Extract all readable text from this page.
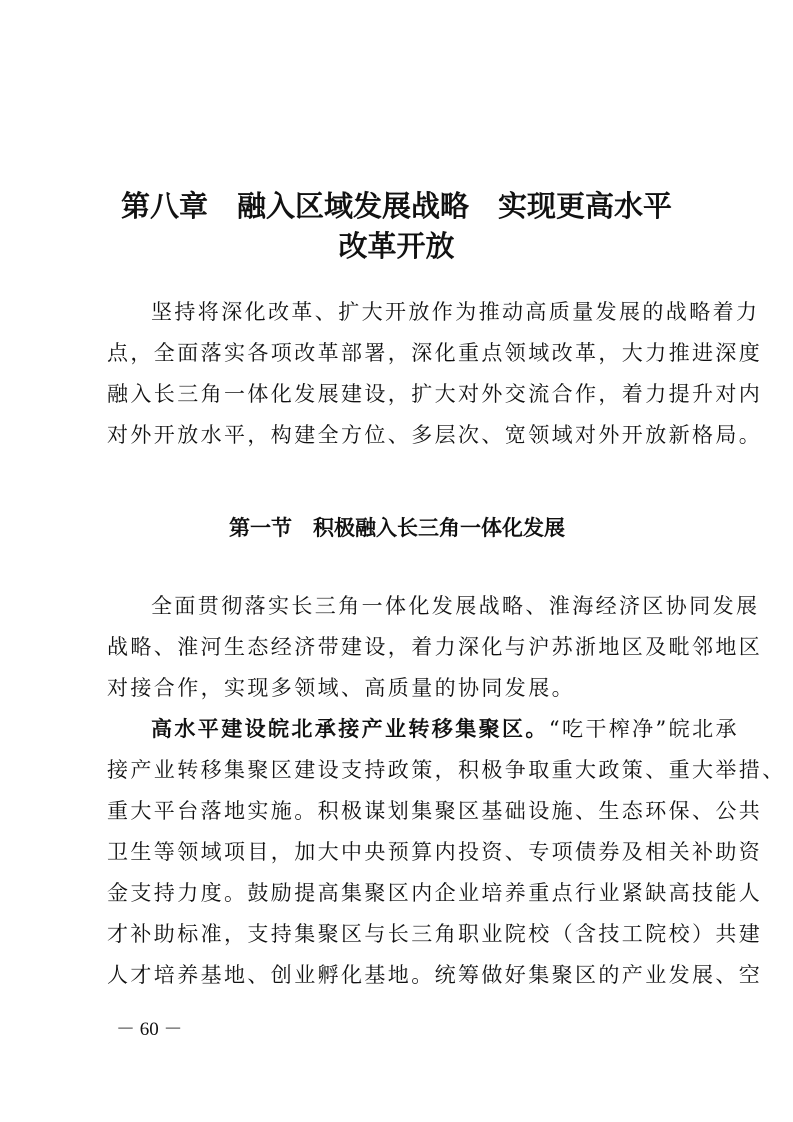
第八章　融入区域发展战略　实现更高水平
改革开放

坚持将深化改革、扩大开放作为推动高质量发展的战略着力
点，全面落实各项改革部署，深化重点领域改革，大力推进深度
融入长三角一体化发展建设，扩大对外交流合作，着力提升对内
对外开放水平，构建全方位、多层次、宽领域对外开放新格局。

第一节　积极融入长三角一体化发展

全面贯彻落实长三角一体化发展战略、淮海经济区协同发展
战略、淮河生态经济带建设，着力深化与沪苏浙地区及毗邻地区
对接合作，实现多领域、高质量的协同发展。

高水平建设皖北承接产业转移集聚区。“吃干榨净”皖北承
接产业转移集聚区建设支持政策，积极争取重大政策、重大举措、
重大平台落地实施。积极谋划集聚区基础设施、生态环保、公共
卫生等领域项目，加大中央预算内投资、专项债券及相关补助资
金支持力度。鼓励提高集聚区内企业培养重点行业紧缺高技能人
才补助标准，支持集聚区与长三角职业院校（含技工院校）共建
人才培养基地、创业孵化基地。统筹做好集聚区的产业发展、空

－ 60 －
